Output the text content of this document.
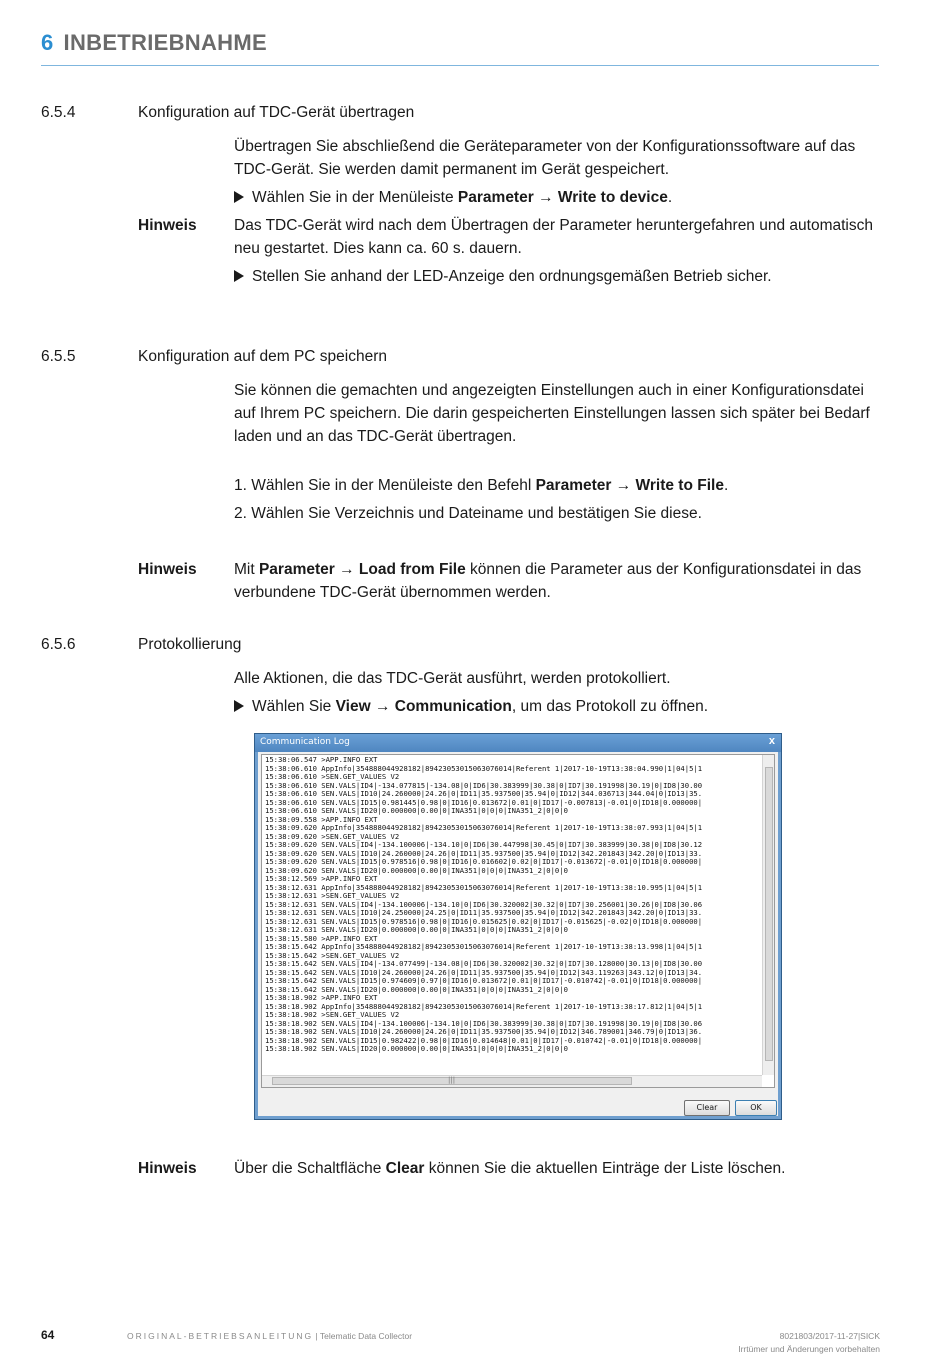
6 INBETRIEBNAHME
6.5.4	Konfiguration auf TDC-Gerät übertragen
Übertragen Sie abschließend die Geräteparameter von der Konfigurationssoftware auf das TDC-Gerät. Sie werden damit permanent im Gerät gespeichert.
Wählen Sie in der Menüleiste Parameter → Write to device.
Hinweis Das TDC-Gerät wird nach dem Übertragen der Parameter heruntergefahren und automatisch neu gestartet. Dies kann ca. 60 s. dauern.
Stellen Sie anhand der LED-Anzeige den ordnungsgemäßen Betrieb sicher.
6.5.5	Konfiguration auf dem PC speichern
Sie können die gemachten und angezeigten Einstellungen auch in einer Konfigurationsdatei auf Ihrem PC speichern. Die darin gespeicherten Einstellungen lassen sich später bei Bedarf laden und an das TDC-Gerät übertragen.
1. Wählen Sie in der Menüleiste den Befehl Parameter → Write to File.
2. Wählen Sie Verzeichnis und Dateiname und bestätigen Sie diese.
Hinweis Mit Parameter → Load from File können die Parameter aus der Konfigurationsdatei in das verbundene TDC-Gerät übernommen werden.
6.5.6	Protokollierung
Alle Aktionen, die das TDC-Gerät ausführt, werden protokolliert.
Wählen Sie View → Communication, um das Protokoll zu öffnen.
Communication Log	x
15:38:06.547 >APP.INFO EXT
15:38:06.610 AppInfo|354888044928182|89423053015063076014|Referent 1|2017-10-19T13:38:04.990|1|04|5|1
15:38:06.610 >SEN.GET_VALUES V2
15:38:06.610 SEN.VALS|ID4|-134.077815|-134.08|0|ID6|30.383999|30.38|0|ID7|30.191998|30.19|0|ID8|30.00
15:38:06.610 SEN.VALS|ID10|24.260000|24.26|0|ID11|35.937500|35.94|0|ID12|344.036713|344.04|0|ID13|35.
15:38:06.610 SEN.VALS|ID15|0.981445|0.98|0|ID16|0.013672|0.01|0|ID17|-0.007813|-0.01|0|ID18|0.000000|
15:38:06.610 SEN.VALS|ID20|0.000000|0.00|0|INA351|0|0|0|INA351_2|0|0|0
15:38:09.558 >APP.INFO EXT
15:38:09.620 AppInfo|354888044928182|89423053015063076014|Referent 1|2017-10-19T13:38:07.993|1|04|5|1
15:38:09.620 >SEN.GET_VALUES V2
15:38:09.620 SEN.VALS|ID4|-134.100006|-134.10|0|ID6|30.447998|30.45|0|ID7|30.383999|30.38|0|ID8|30.12
15:38:09.620 SEN.VALS|ID10|24.260000|24.26|0|ID11|35.937500|35.94|0|ID12|342.201843|342.20|0|ID13|33.
15:38:09.620 SEN.VALS|ID15|0.978516|0.98|0|ID16|0.016602|0.02|0|ID17|-0.013672|-0.01|0|ID18|0.000000|
15:38:09.620 SEN.VALS|ID20|0.000000|0.00|0|INA351|0|0|0|INA351_2|0|0|0
15:38:12.569 >APP.INFO EXT
15:38:12.631 AppInfo|354888044928182|89423053015063076014|Referent 1|2017-10-19T13:38:10.995|1|04|5|1
15:38:12.631 >SEN.GET_VALUES V2
15:38:12.631 SEN.VALS|ID4|-134.100006|-134.10|0|ID6|30.320002|30.32|0|ID7|30.256001|30.26|0|ID8|30.06
15:38:12.631 SEN.VALS|ID10|24.250000|24.25|0|ID11|35.937500|35.94|0|ID12|342.201843|342.20|0|ID13|33.
15:38:12.631 SEN.VALS|ID15|0.978516|0.98|0|ID16|0.015625|0.02|0|ID17|-0.015625|-0.02|0|ID18|0.000000|
15:38:12.631 SEN.VALS|ID20|0.000000|0.00|0|INA351|0|0|0|INA351_2|0|0|0
15:38:15.580 >APP.INFO EXT
15:38:15.642 AppInfo|354888044928182|89423053015063076014|Referent 1|2017-10-19T13:38:13.998|1|04|5|1
15:38:15.642 >SEN.GET_VALUES V2
15:38:15.642 SEN.VALS|ID4|-134.077499|-134.08|0|ID6|30.320002|30.32|0|ID7|30.128000|30.13|0|ID8|30.00
15:38:15.642 SEN.VALS|ID10|24.260000|24.26|0|ID11|35.937500|35.94|0|ID12|343.119263|343.12|0|ID13|34.
15:38:15.642 SEN.VALS|ID15|0.974609|0.97|0|ID16|0.013672|0.01|0|ID17|-0.010742|-0.01|0|ID18|0.000000|
15:38:15.642 SEN.VALS|ID20|0.000000|0.00|0|INA351|0|0|0|INA351_2|0|0|0
15:38:18.902 >APP.INFO EXT
15:38:18.902 AppInfo|354888044928182|89423053015063076014|Referent 1|2017-10-19T13:38:17.812|1|04|5|1
15:38:18.902 >SEN.GET_VALUES V2
15:38:18.902 SEN.VALS|ID4|-134.100006|-134.10|0|ID6|30.383999|30.38|0|ID7|30.191998|30.19|0|ID8|30.06
15:38:18.902 SEN.VALS|ID10|24.260000|24.26|0|ID11|35.937500|35.94|0|ID12|346.789001|346.79|0|ID13|36.
15:38:18.902 SEN.VALS|ID15|0.982422|0.98|0|ID16|0.014648|0.01|0|ID17|-0.010742|-0.01|0|ID18|0.000000|
15:38:18.902 SEN.VALS|ID20|0.000000|0.00|0|INA351|0|0|0|INA351_2|0|0|0
|||
Clear	OK
Hinweis Über die Schaltfläche Clear können Sie die aktuellen Einträge der Liste löschen.
64	ORIGINAL-BETRIEBSANLEITUNG | Telematic Data Collector	8021803/2017-11-27|SICK
Irrtümer und Änderungen vorbehalten
